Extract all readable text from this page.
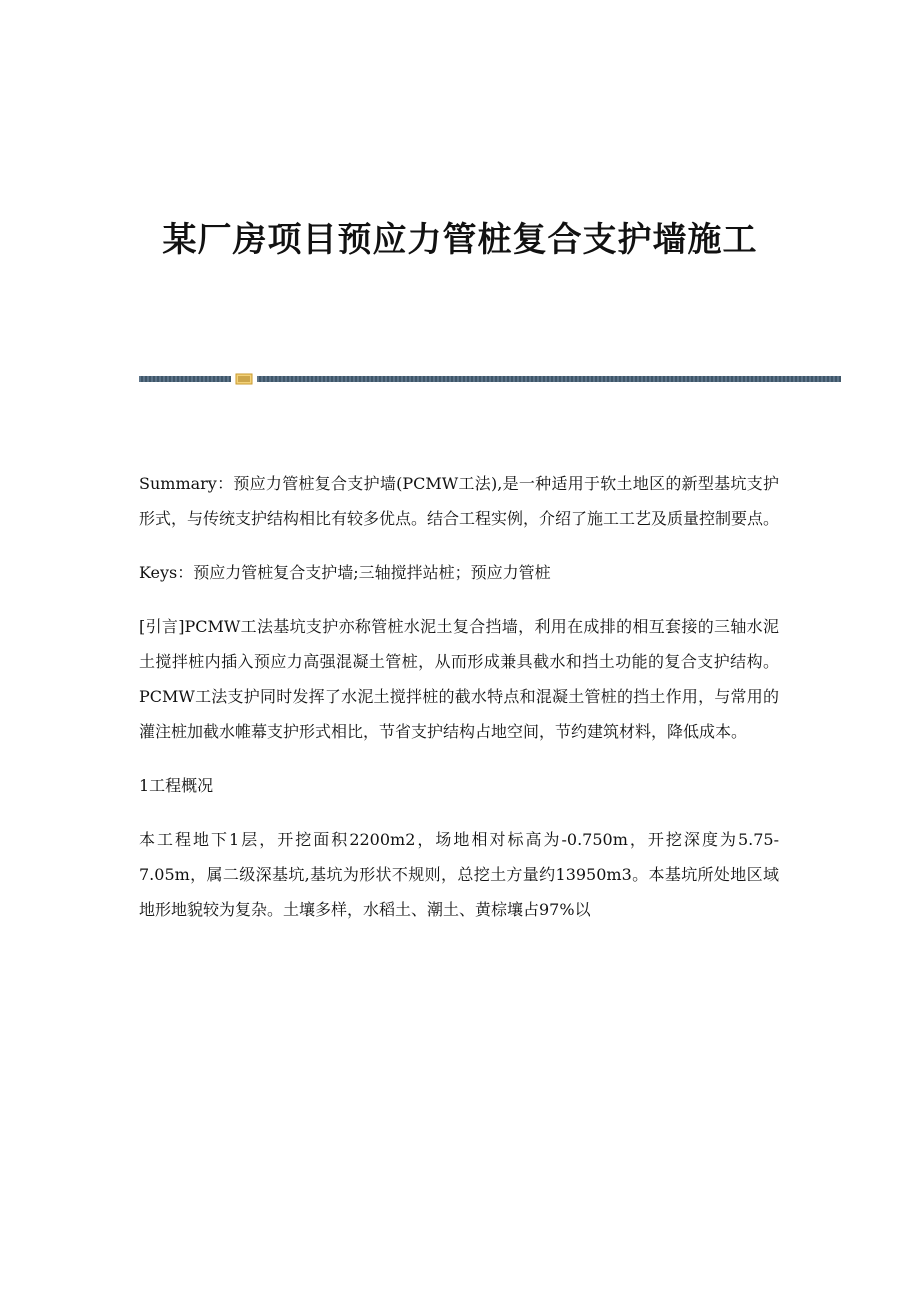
某厂房项目预应力管桩复合支护墙施工

Summary：预应力管桩复合支护墙(PCMW工法),是一种适用于软土地区的新型基坑支护形式，与传统支护结构相比有较多优点。结合工程实例，介绍了施工工艺及质量控制要点。

Keys：预应力管桩复合支护墙;三轴搅拌站桩；预应力管桩

[引言]PCMW工法基坑支护亦称管桩水泥土复合挡墙，利用在成排的相互套接的三轴水泥土搅拌桩内插入预应力高强混凝土管桩，从而形成兼具截水和挡土功能的复合支护结构。PCMW工法支护同时发挥了水泥土搅拌桩的截水特点和混凝土管桩的挡土作用，与常用的灌注桩加截水帷幕支护形式相比，节省支护结构占地空间，节约建筑材料，降低成本。

1工程概况

本工程地下1层，开挖面积2200m2，场地相对标高为-0.750m，开挖深度为5.75-7.05m，属二级深基坑,基坑为形状不规则，总挖土方量约13950m3。本基坑所处地区域地形地貌较为复杂。土壤多样，水稻土、潮土、黄棕壤占97%以
